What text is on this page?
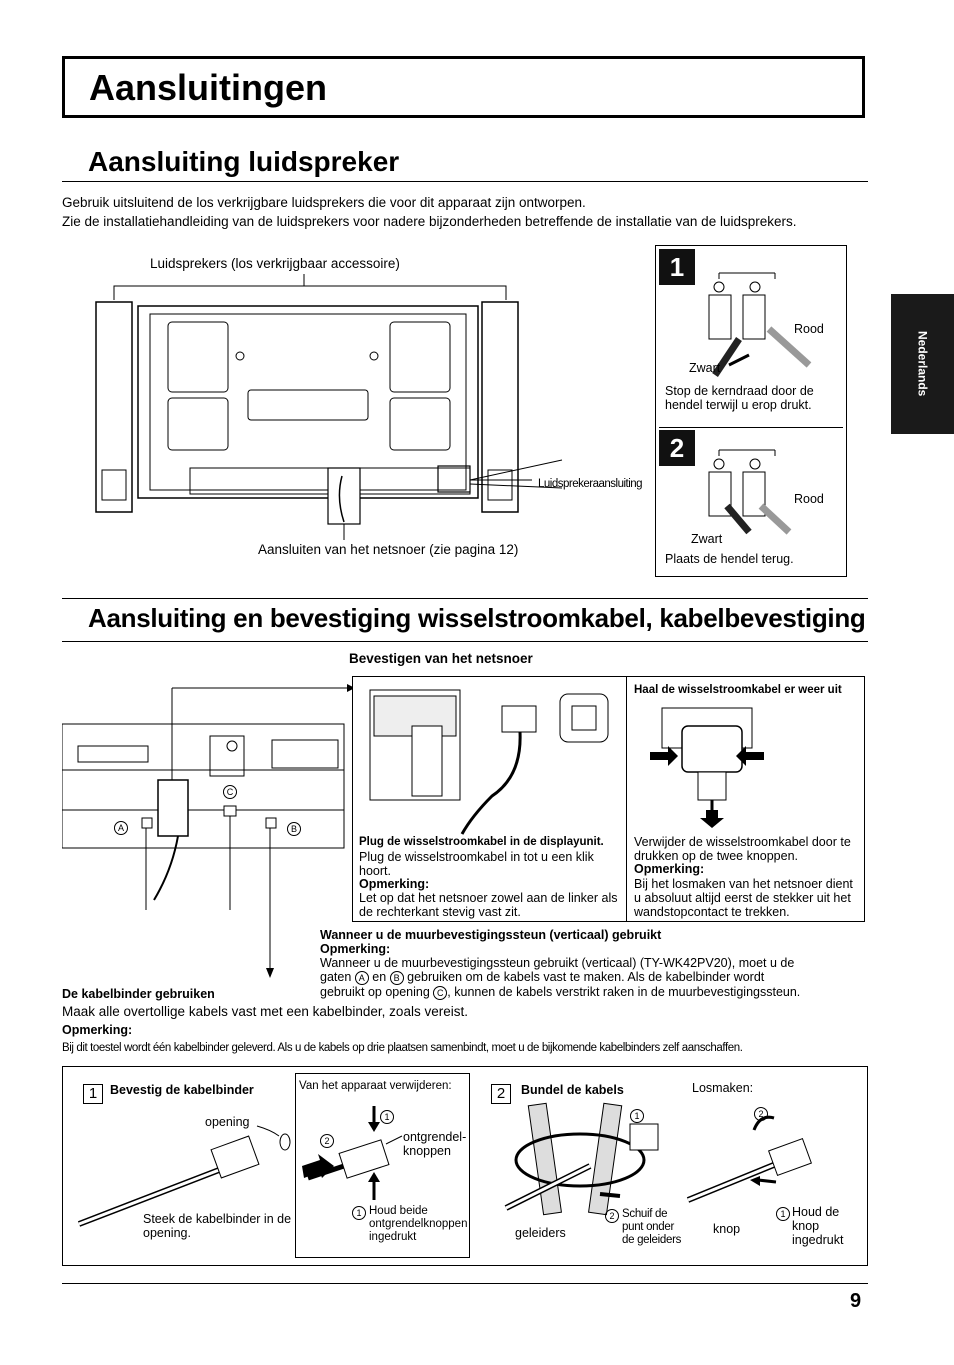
Aansluitingen
Nederlands
Aansluiting luidspreker
Gebruik uitsluitend de los verkrijgbare luidsprekers die voor dit apparaat zijn ontworpen.
Zie de installatiehandleiding van de luidsprekers voor nadere bijzonderheden betreffende de installatie van de luidsprekers.
Luidsprekers (los verkrijgbaar accessoire)
Luidsprekeraansluiting
Aansluiten van het netsnoer (zie pagina 12)
1
Zwart
Rood
Stop de kerndraad door de hendel terwijl u erop drukt.
2
Zwart
Rood
Plaats de hendel terug.
Aansluiting en bevestiging wisselstroomkabel, kabelbevestiging
Bevestigen van het netsnoer
A	B
C
Plug de wisselstroomkabel in de displayunit.
Plug de wisselstroomkabel in tot u een klik hoort.
Opmerking:
Let op dat het netsnoer zowel aan de linker als de rechterkant stevig vast zit.
Haal de wisselstroomkabel er weer uit
Verwijder de wisselstroomkabel door te drukken op de twee knoppen.
Opmerking:
Bij het losmaken van het netsnoer dient u absoluut altijd eerst de stekker uit het wandstopcontact te trekken.
Wanneer u de muurbevestigingssteun (verticaal) gebruikt
Opmerking:
Wanneer u de muurbevestigingssteun gebruikt (verticaal) (TY-WK42PV20), moet u de
gaten A en B gebruiken om de kabels vast te maken. Als de kabelbinder wordt
gebruikt op opening C , kunnen de kabels verstrikt raken in de muurbevestigingssteun.
De kabelbinder gebruiken
Maak alle overtollige kabels vast met een kabelbinder, zoals vereist.
Opmerking:
Bij dit toestel wordt één kabelbinder geleverd. Als u de kabels op drie plaatsen samenbindt, moet u de bijkomende kabelbinders zelf aanschaffen.
1	Bevestig de kabelbinder
opening
Steek de kabelbinder in de opening.
Van het apparaat verwijderen:
1
2	ontgrendel-knoppen
1 Houd beide ontgrendelknoppen ingedrukt
2	Bundel de kabels
1
geleiders
2 Schuif de punt onder de geleiders
Losmaken:
2
knop
1 Houd de knop ingedrukt
9
